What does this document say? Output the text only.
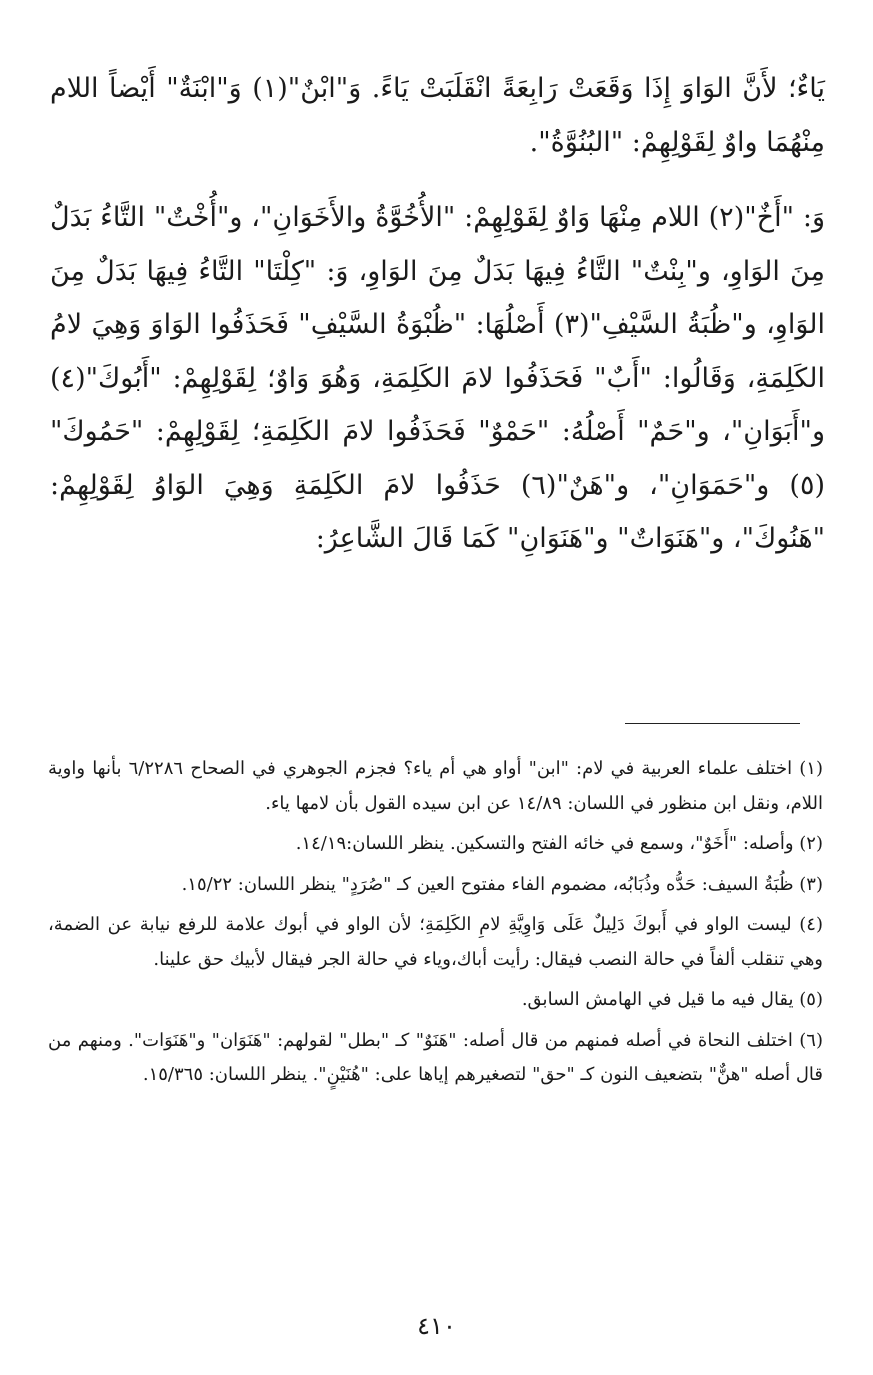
يَاءٌ؛ لأَنَّ الوَاوَ إِذَا وَقَعَتْ رَابِعَةً انْقَلَبَتْ يَاءً. وَ"ابْنٌ"(١) وَ"ابْنَةٌ" أَيْضاً اللام مِنْهُمَا واوٌ لِقَوْلِهِمْ: "البُنُوَّةُ".

وَ: "أَخٌ"(٢) اللام مِنْهَا وَاوٌ لِقَوْلِهِمْ: "الأُخُوَّةُ والأَخَوَانِ"، و"أُخْتٌ" التَّاءُ بَدَلٌ مِنَ الوَاوِ، و"بِنْتٌ" التَّاءُ فِيهَا بَدَلٌ مِنَ الوَاوِ، وَ: "كِلْتَا" التَّاءُ فِيهَا بَدَلٌ مِنَ الوَاوِ، و"ظُبَةُ السَّيْفِ"(٣) أَصْلُهَا: "ظُبْوَةُ السَّيْفِ" فَحَذَفُوا الوَاوَ وَهِيَ لامُ الكَلِمَةِ، وَقَالُوا: "أَبٌ" فَحَذَفُوا لامَ الكَلِمَةِ، وَهُوَ وَاوٌ؛ لِقَوْلِهِمْ: "أَبُوكَ"(٤) و"أَبَوَانِ"، و"حَمٌ" أَصْلُهُ: "حَمْوٌ" فَحَذَفُوا لامَ الكَلِمَةِ؛ لِقَوْلِهِمْ: "حَمُوكَ"(٥) و"حَمَوَانِ"، و"هَنٌ"(٦) حَذَفُوا لامَ الكَلِمَةِ وَهِيَ الوَاوُ لِقَوْلِهِمْ: "هَنُوكَ"، و"هَنَوَاتٌ" و"هَنَوَانِ" كَمَا قَالَ الشَّاعِرُ:

(١) اختلف علماء العربية في لام: "ابن" أواو هي أم ياء؟ فجزم الجوهري في الصحاح ٦/٢٢٨٦ بأنها واوية اللام، ونقل ابن منظور في اللسان: ١٤/٨٩ عن ابن سيده القول بأن لامها ياء.

(٢) وأصله: "أَخَوٌ"، وسمع في خائه الفتح والتسكين. ينظر اللسان:١٤/١٩.

(٣) ظُبَةُ السيف: حَدُّه وذُبَابُه، مضموم الفاء مفتوح العين كـ "صُرَدٍ" ينظر اللسان: ١٥/٢٢.

(٤) ليست الواو في أَبوكَ دَلِيلٌ عَلَى وَاوِيَّةِ لامِ الكَلِمَةِ؛ لأن الواو في أبوك علامة للرفع نيابة عن الضمة، وهي تنقلب ألفاً في حالة النصب فيقال: رأيت أباك،وياء في حالة الجر فيقال لأبيك حق علينا.

(٥) يقال فيه ما قيل في الهامش السابق.

(٦) اختلف النحاة في أصله فمنهم من قال أصله: "هَنَوٌ" كـ "بطل" لقولهم: "هَنَوَان" و"هَنَوَات". ومنهم من قال أصله "هنٌّ" بتضعيف النون كـ "حق" لتصغيرهم إياها على: "هُنَيْنٍ". ينظر اللسان: ١٥/٣٦٥.

٤١٠
